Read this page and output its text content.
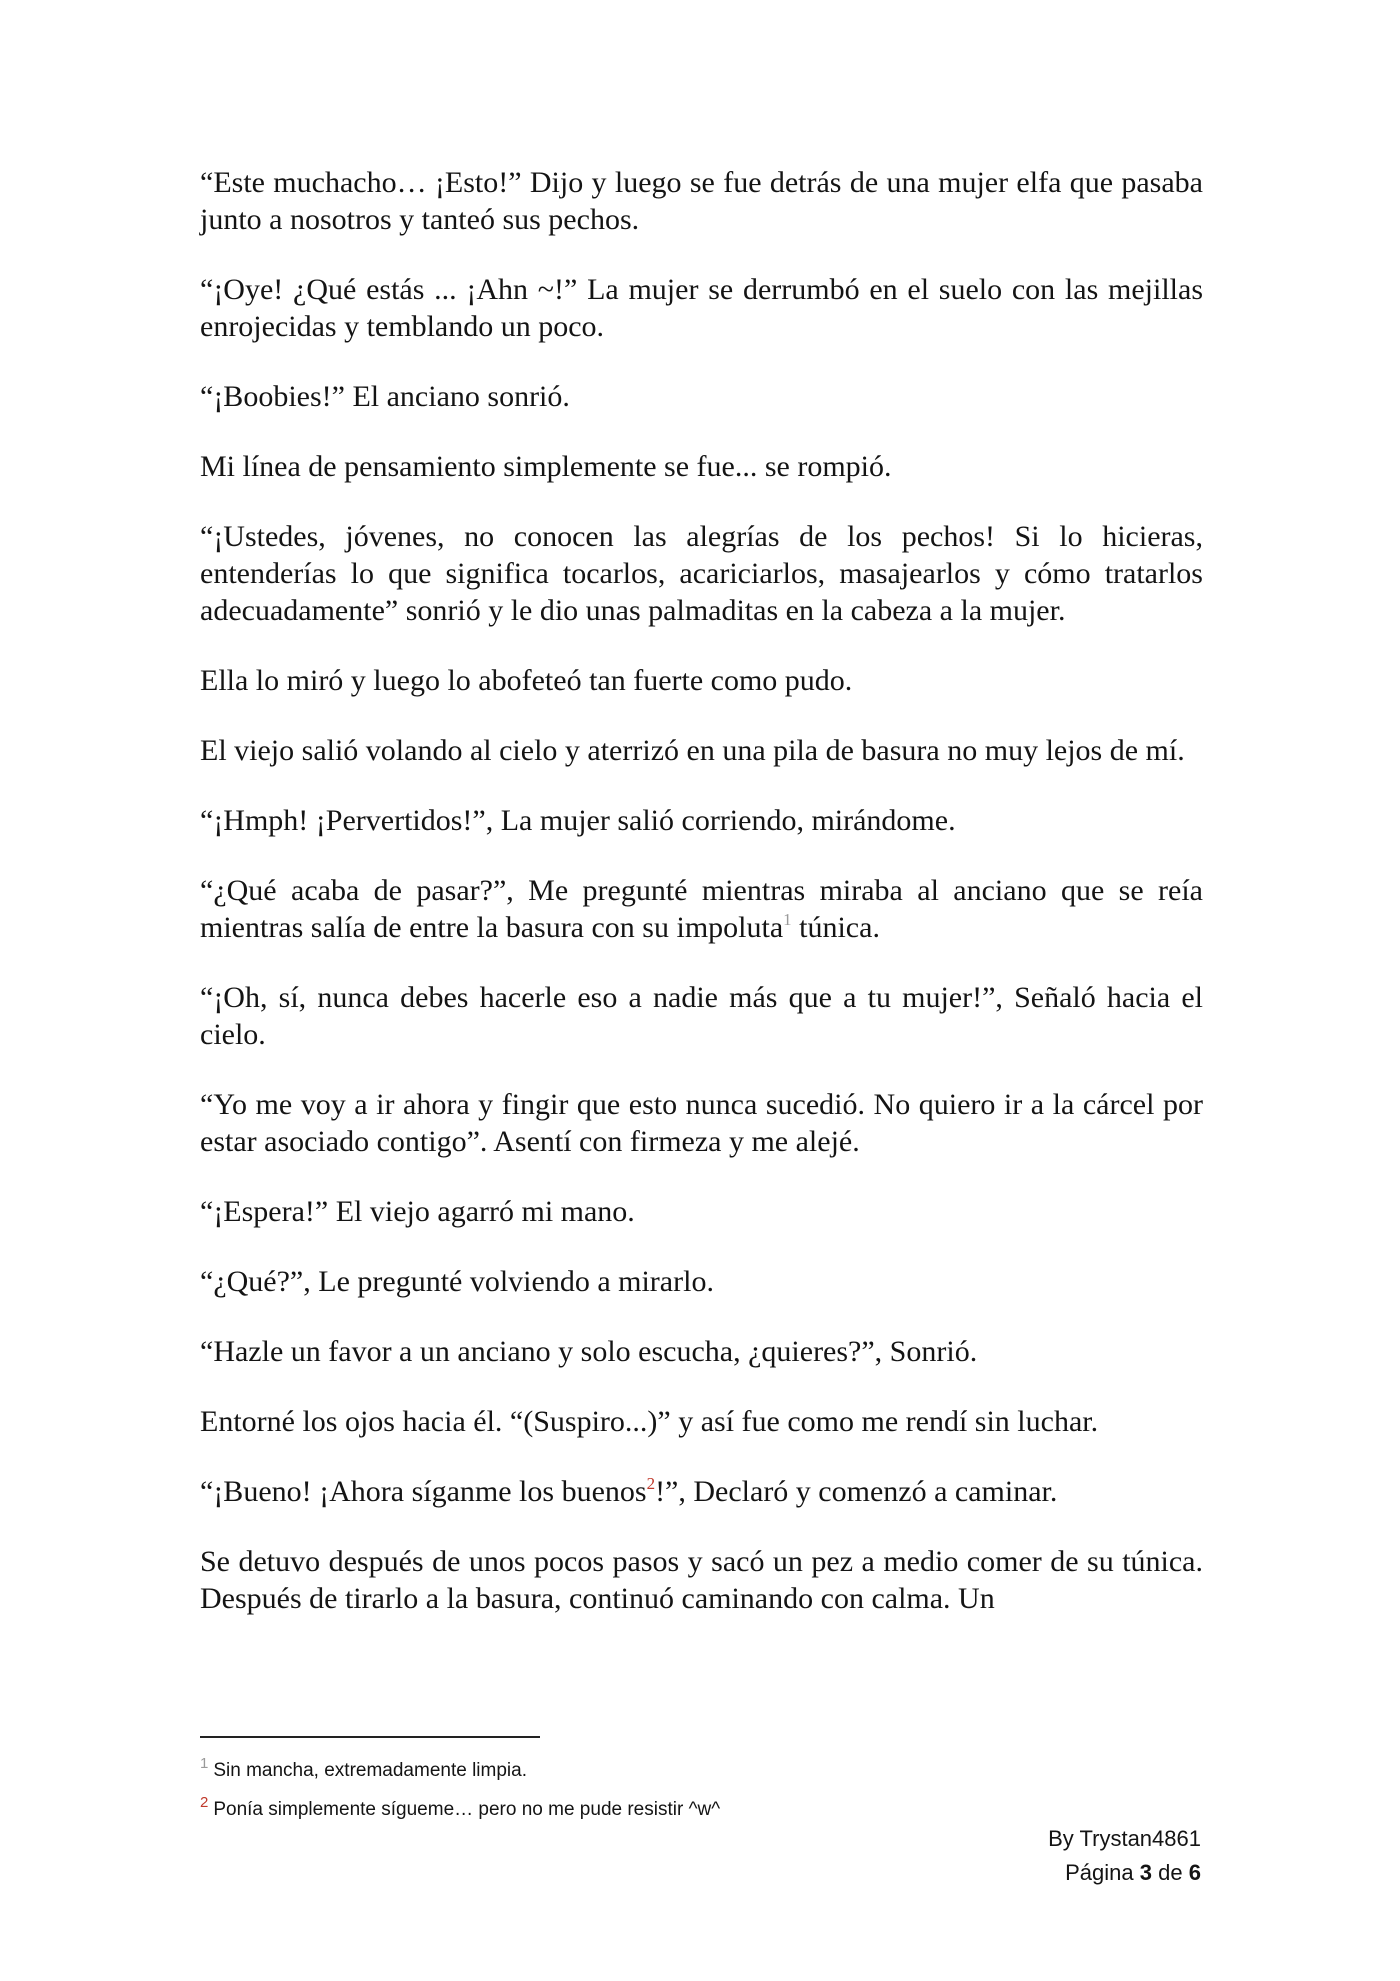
“Este muchacho… ¡Esto!” Dijo y luego se fue detrás de una mujer elfa que pasaba junto a nosotros y tanteó sus pechos.

“¡Oye! ¿Qué estás ... ¡Ahn ~!” La mujer se derrumbó en el suelo con las mejillas enrojecidas y temblando un poco.

“¡Boobies!” El anciano sonrió.

Mi línea de pensamiento simplemente se fue... se rompió.

“¡Ustedes, jóvenes, no conocen las alegrías de los pechos! Si lo hicieras, entenderías lo que significa tocarlos, acariciarlos, masajearlos y cómo tratarlos adecuadamente” sonrió y le dio unas palmaditas en la cabeza a la mujer.

Ella lo miró y luego lo abofeteó tan fuerte como pudo.

El viejo salió volando al cielo y aterrizó en una pila de basura no muy lejos de mí.

“¡Hmph! ¡Pervertidos!”, La mujer salió corriendo, mirándome.

“¿Qué acaba de pasar?”, Me pregunté mientras miraba al anciano que se reía mientras salía de entre la basura con su impoluta$^1$ túnica.

“¡Oh, sí, nunca debes hacerle eso a nadie más que a tu mujer!”, Señaló hacia el cielo.

“Yo me voy a ir ahora y fingir que esto nunca sucedió. No quiero ir a la cárcel por estar asociado contigo”. Asentí con firmeza y me alejé.

“¡Espera!” El viejo agarró mi mano.

“¿Qué?”, Le pregunté volviendo a mirarlo.

“Hazle un favor a un anciano y solo escucha, ¿quieres?”, Sonrió.

Entorné los ojos hacia él. “(Suspiro...)” y así fue como me rendí sin luchar.

“¡Bueno! ¡Ahora síganme los buenos$^2$!”, Declaró y comenzó a caminar.

Se detuvo después de unos pocos pasos y sacó un pez a medio comer de su túnica. Después de tirarlo a la basura, continuó caminando con calma. Un

$^1$ Sin mancha, extremadamente limpia.
$^2$ Ponía simplemente sígueme… pero no me pude resistir ^w^
By Trystan4861
Página 3 de 6
